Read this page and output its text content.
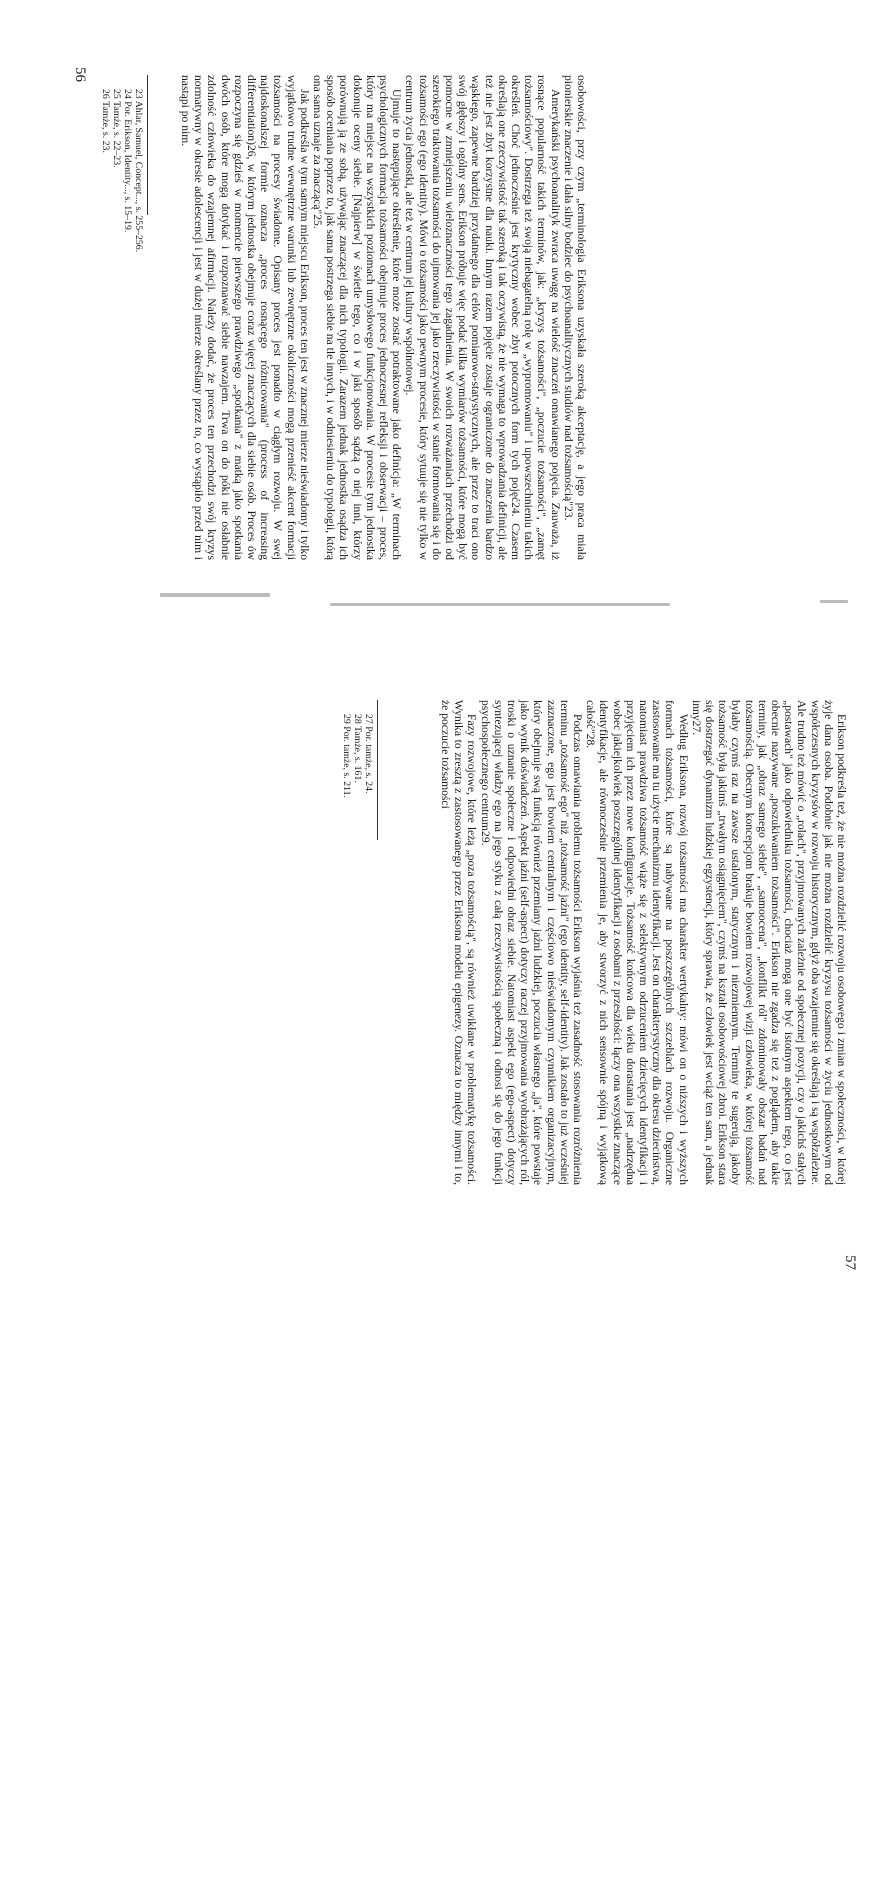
osobowości, przy czym „terminologia Eriksona uzyskała szeroką akceptację, a jego praca miała pionierskie znaczenie i dała silny bodziec do psychoanalitycznych studiów nad tożsamością"23.

Amerykański psychoanalityk zwraca uwagę na wielość znaczeń omawianego pojęcia. Zauważa, iż rosnące popularność takich terminów, jak: „kryzys tożsamości", „poczucie tożsamości", „zamęt tożsamościowy". Dostrzega też swoją niebagatelną rolę w „wypromowaniu" i upowszechnieniu takich określeń. Choć jednocześnie jest krytyczny wobec zbyt potocznych form tych pojęć24. Czasem określają one rzeczywistość tak szeroką i tak oczywistą, że nie wymaga to wprowadzania definicji, ale też nie jest zbyt korzystne dla nauki. Innym razem pojęcie zostaje ograniczone do znaczenia bardzo wąskiego, zapewne bardziej przydatnego dla celów pomiarowo-statystycznych, ale przez to traci ono swój głębszy i ogólny sens. Erikson próbuje więc podać kilka wymiarów tożsamości, które mogą być pomocne w zmniejszeniu wieloznaczności tego zagadnienia. W swoich rozważaniach przechodzi od szerokiego traktowania tożsamości do ujmowania jej jako rzeczywistości w stanie formowania się i do tożsamości ego (ego identity). Mówi o tożsamości jako pewnym procesie, który sytuuje się nie tylko w centrum życia jednostki, ale też w centrum jej kultury wspólnotowej.

Ujmuje to następujące określenie, które może zostać potraktowane jako definicja: „W terminach psychologicznych formacja tożsamości obejmuje proces jednoczesnej refleksji i obserwacji – proces, który ma miejsce na wszystkich poziomach umysłowego funkcjonowania. W procesie tym jednostka dokonuje oceny siebie. [Najpierw] w świetle tego, co i w jaki sposób sądzą o niej inni, którzy porównują ją ze sobą, używając znaczącej dla nich typologii. Zarazem jednak jednostka osądza ich sposób oceniania poprzez to, jak sama postrzega siebie na tle innych, i w odniesieniu do typologii, którą ona sama uznaje za znaczącą"25.

Jak podkreśla w tym samym miejscu Erikson, proces ten jest w znacznej mierze nieświadomy i tylko wyjątkowo trudne wewnętrzne warunki lub zewnętrzne okoliczności mogą przenieść akcent formacji tożsamości na procesy świadome. Opisany proces jest ponadto w ciągłym rozwoju. W swej najdoskonalszej formie oznacza „proces rosnącego różnicowania" (process of increasing differentiation)26, w którym jednostka obejmuje coraz więcej znaczących dla siebie osób. Proces ów rozpoczyna się gdzieś w momencie pierwszego prawdziwego „spotkania" z matką jako spotkania dwóch osób, które mogą dotykać i rozpoznawać siebie nawzajem. Trwa on do póki nie osłabnie zdolność człowieka do wzajemnej afirmacji. Należy dodać, że proces ten przechodzi swój kryzys normatywny w okresie adolescencji i jest w dużej mierze określany przez to, co wystąpiło przed nim i nastąpi po nim.

23 Ahlar, Samuel, Concept..., s. 255–256.
24 Por. Erikson, Identity..., s. 15–19.
25 Tamże, s. 22–23.
26 Tamże, s. 23.
56

Erikson podkreśla też, że nie można rozdzielić rozwoju osobowego i zmian w społeczności, w której żyje dana osoba. Podobnie jak nie można rozdzielić kryzysu tożsamości w życiu jednostkowym od współczesnych kryzysów w rozwoju historycznym, gdyż oba wzajemnie się określają i są współzależne. Ale trudno też mówić o „rolach", przyjmowanych zależnie od społecznej pozycji, czy o jakichś stałych „postawach" jako odpowiedniku tożsamości, chociaż mogą one być istotnym aspektem tego, co jest obecnie nazywane „poszukiwaniem tożsamości". Erikson nie zgadza się też z poglądem, aby takie terminy, jak „obraz samego siebie", „samoocena", „konflikt ról" zdominowały obszar badań nad tożsamością. Obecnym koncepcjom brakuje bowiem rozwojowej wizji człowieka, w której tożsamość byłaby czymś raz na zawsze ustalonym, statycznym i niezmiennym. Terminy te sugerują, jakoby tożsamość była jakimś „trwałym osiągnięciem", czymś na kształt osobowościowej zbroi. Erikson stara się dostrzegać dynamizm ludzkiej egzystencji, który sprawia, że człowiek jest wciąż ten sam, a jednak inny27.

Według Eriksona, rozwój tożsamości ma charakter wertykalny: mówi on o niższych i wyższych formach tożsamości, które są nabywane na poszczególnych szczeblach rozwoju. Organiczne zastosowanie ma tu użycie mechanizmu identyfikacji. Jest on charakterystyczny dla okresu dzieciństwa, natomiast prawdziwa tożsamość wiąże się z selektywnym odrzuceniem dziecięcych identyfikacji i przyjęciem ich przez nowe konfiguracje. Tożsamość końcowa dla wieku dorastania jest „nadrzędna wobec jakiejkolwiek poszczególnej identyfikacji z osobami z przeszłości: łączy ona wszystkie znaczące identyfikacje, ale równocześnie przemienia je, aby stworzyć z nich sensownie spójną i wyjątkową całość"28.

Podczas omawiania problemu tożsamości Erikson wyjaśnia też zasadność stosowania rozróżnienia terminu „tożsamość ego" niż „tożsamość jaźni" (ego identity, self-identity). Jak zostało to już wcześniej zaznaczone, ego jest bowiem centralnym i częściowo nieświadomym czynnikiem organizacyjnym, który obejmuje swą funkcją również przemiany jaźni ludzkiej, poczucia własnego „ja", które powstaje jako wynik doświadczeń. Aspekt jaźni (self-aspect) dotyczy raczej przyjmowania wyobrażających ról, troski o uznanie społeczne i odpowiedni obraz siebie. Natomiast aspekt ego (ego-aspect) dotyczy syntezującej władzy ego na jego styku z całą rzeczywistością społeczną i odnosi się do jego funkcji psychospołecznego centrum29.

Fazy rozwojowe, które leżą „poza tożsamością", są również uwikłane w problematykę tożsamości. Wynika to zresztą z zastosowanego przez Eriksona modelu epigenezy. Oznacza to między innymi i to, że poczucie tożsamości

27 Por. tamże, s. 24.
28 Tamże, s. 161.
29 Por. tamże, s. 211.
57
